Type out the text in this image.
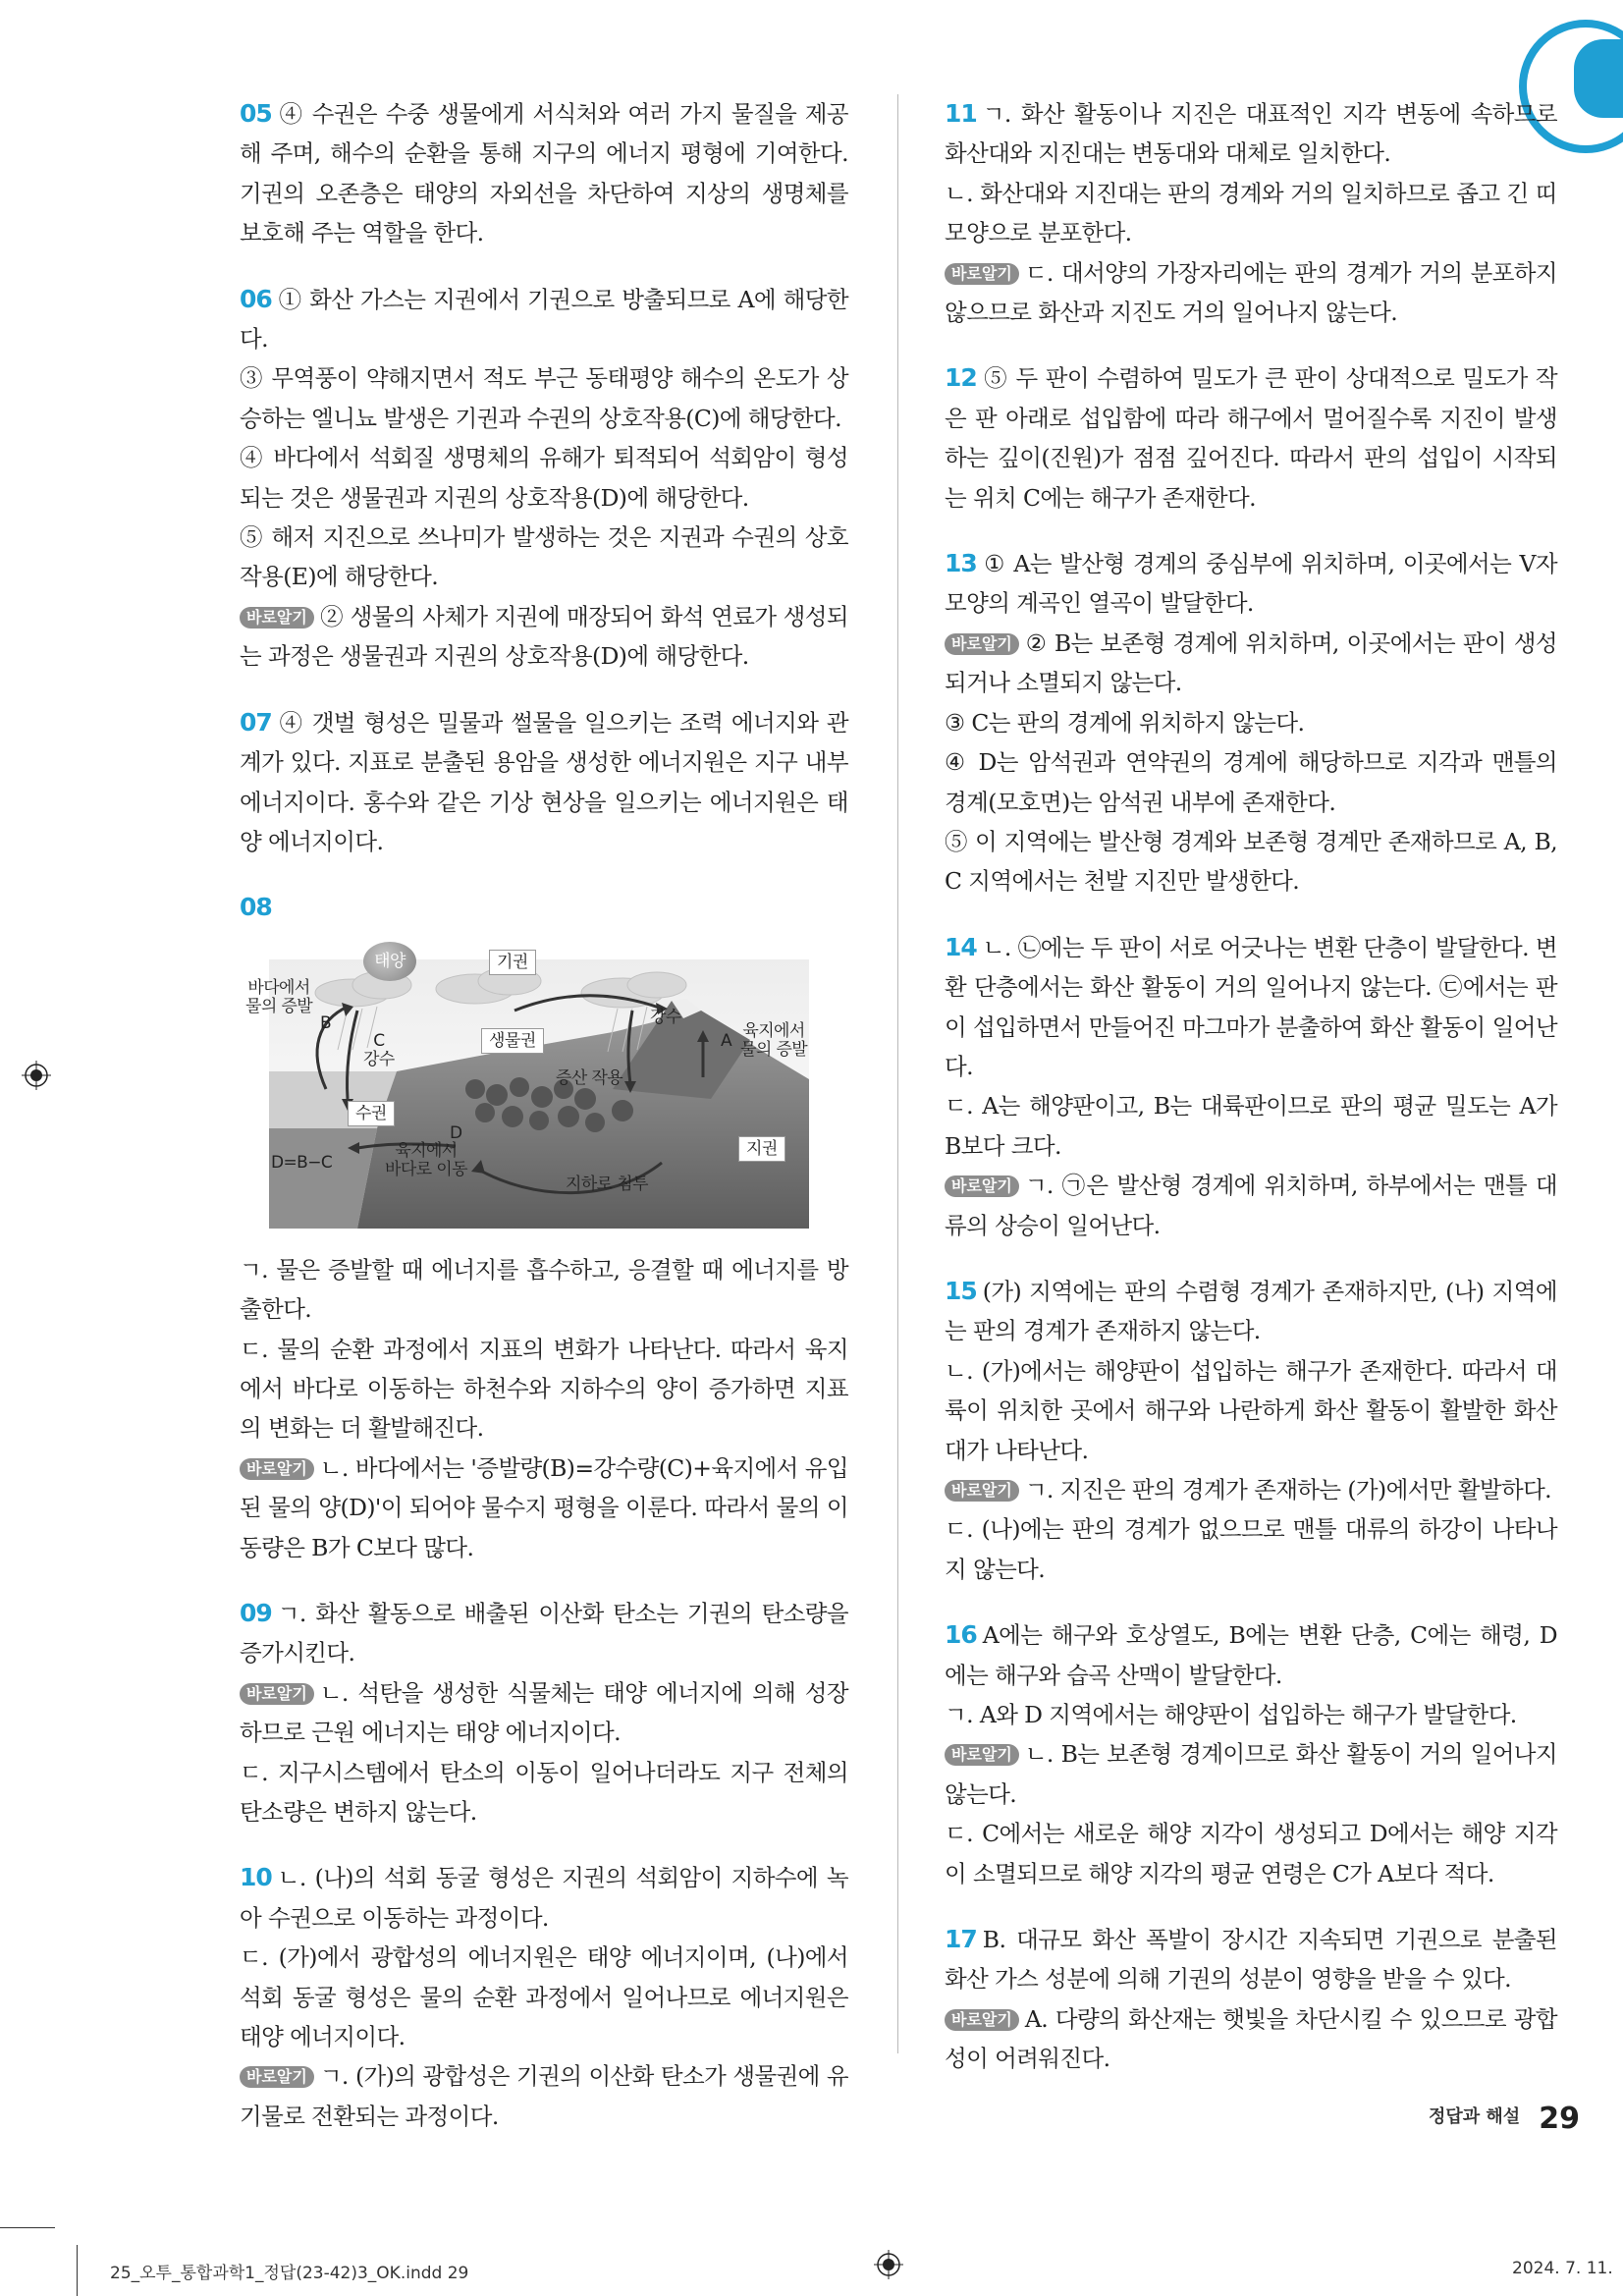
05 ④ 수권은 수중 생물에게 서식처와 여러 가지 물질을 제공해 주며, 해수의 순환을 통해 지구의 에너지 평형에 기여한다. 기권의 오존층은 태양의 자외선을 차단하여 지상의 생명체를 보호해 주는 역할을 한다.

06 ① 화산 가스는 지권에서 기권으로 방출되므로 A에 해당한다.

③ 무역풍이 약해지면서 적도 부근 동태평양 해수의 온도가 상승하는 엘니뇨 발생은 기권과 수권의 상호작용(C)에 해당한다.

④ 바다에서 석회질 생명체의 유해가 퇴적되어 석회암이 형성되는 것은 생물권과 지권의 상호작용(D)에 해당한다.

⑤ 해저 지진으로 쓰나미가 발생하는 것은 지권과 수권의 상호작용(E)에 해당한다.

바로알기 ② 생물의 사체가 지권에 매장되어 화석 연료가 생성되는 과정은 생물권과 지권의 상호작용(D)에 해당한다.

07 ④ 갯벌 형성은 밀물과 썰물을 일으키는 조력 에너지와 관계가 있다. 지표로 분출된 용암을 생성한 에너지원은 지구 내부 에너지이다. 홍수와 같은 기상 현상을 일으키는 에너지원은 태양 에너지이다.

08

태양	기권
바다에서
물의 증발
B
C
강수
생물권
강수
A 육지에서
물의 증발
증산 작용
수권
D
육지에서
바다로 이동
지권
지하로 침투
D=B−C

ㄱ. 물은 증발할 때 에너지를 흡수하고, 응결할 때 에너지를 방출한다.

ㄷ. 물의 순환 과정에서 지표의 변화가 나타난다. 따라서 육지에서 바다로 이동하는 하천수와 지하수의 양이 증가하면 지표의 변화는 더 활발해진다.

바로알기 ㄴ. 바다에서는 '증발량(B)=강수량(C)+육지에서 유입된 물의 양(D)'이 되어야 물수지 평형을 이룬다. 따라서 물의 이동량은 B가 C보다 많다.

09 ㄱ. 화산 활동으로 배출된 이산화 탄소는 기권의 탄소량을 증가시킨다.

바로알기 ㄴ. 석탄을 생성한 식물체는 태양 에너지에 의해 성장하므로 근원 에너지는 태양 에너지이다.

ㄷ. 지구시스템에서 탄소의 이동이 일어나더라도 지구 전체의 탄소량은 변하지 않는다.

10 ㄴ. (나)의 석회 동굴 형성은 지권의 석회암이 지하수에 녹아 수권으로 이동하는 과정이다.

ㄷ. (가)에서 광합성의 에너지원은 태양 에너지이며, (나)에서 석회 동굴 형성은 물의 순환 과정에서 일어나므로 에너지원은 태양 에너지이다.

바로알기 ㄱ. (가)의 광합성은 기권의 이산화 탄소가 생물권에 유기물로 전환되는 과정이다.

11 ㄱ. 화산 활동이나 지진은 대표적인 지각 변동에 속하므로 화산대와 지진대는 변동대와 대체로 일치한다.

ㄴ. 화산대와 지진대는 판의 경계와 거의 일치하므로 좁고 긴 띠 모양으로 분포한다.

바로알기 ㄷ. 대서양의 가장자리에는 판의 경계가 거의 분포하지 않으므로 화산과 지진도 거의 일어나지 않는다.

12 ⑤ 두 판이 수렴하여 밀도가 큰 판이 상대적으로 밀도가 작은 판 아래로 섭입함에 따라 해구에서 멀어질수록 지진이 발생하는 깊이(진원)가 점점 깊어진다. 따라서 판의 섭입이 시작되는 위치 C에는 해구가 존재한다.

13 ① A는 발산형 경계의 중심부에 위치하며, 이곳에서는 V자 모양의 계곡인 열곡이 발달한다.

바로알기 ② B는 보존형 경계에 위치하며, 이곳에서는 판이 생성되거나 소멸되지 않는다.

③ C는 판의 경계에 위치하지 않는다.

④ D는 암석권과 연약권의 경계에 해당하므로 지각과 맨틀의 경계(모호면)는 암석권 내부에 존재한다.

⑤ 이 지역에는 발산형 경계와 보존형 경계만 존재하므로 A, B, C 지역에서는 천발 지진만 발생한다.

14 ㄴ. ㉡에는 두 판이 서로 어긋나는 변환 단층이 발달한다. 변환 단층에서는 화산 활동이 거의 일어나지 않는다. ㉢에서는 판이 섭입하면서 만들어진 마그마가 분출하여 화산 활동이 일어난다.

ㄷ. A는 해양판이고, B는 대륙판이므로 판의 평균 밀도는 A가 B보다 크다.

바로알기 ㄱ. ㉠은 발산형 경계에 위치하며, 하부에서는 맨틀 대류의 상승이 일어난다.

15 (가) 지역에는 판의 수렴형 경계가 존재하지만, (나) 지역에는 판의 경계가 존재하지 않는다.

ㄴ. (가)에서는 해양판이 섭입하는 해구가 존재한다. 따라서 대륙이 위치한 곳에서 해구와 나란하게 화산 활동이 활발한 화산대가 나타난다.

바로알기 ㄱ. 지진은 판의 경계가 존재하는 (가)에서만 활발하다.

ㄷ. (나)에는 판의 경계가 없으므로 맨틀 대류의 하강이 나타나지 않는다.

16 A에는 해구와 호상열도, B에는 변환 단층, C에는 해령, D에는 해구와 습곡 산맥이 발달한다.

ㄱ. A와 D 지역에서는 해양판이 섭입하는 해구가 발달한다.

바로알기 ㄴ. B는 보존형 경계이므로 화산 활동이 거의 일어나지 않는다.

ㄷ. C에서는 새로운 해양 지각이 생성되고 D에서는 해양 지각이 소멸되므로 해양 지각의 평균 연령은 C가 A보다 적다.

17 B. 대규모 화산 폭발이 장시간 지속되면 기권으로 분출된 화산 가스 성분에 의해 기권의 성분이 영향을 받을 수 있다.

바로알기 A. 다량의 화산재는 햇빛을 차단시킬 수 있으므로 광합성이 어려워진다.

정답과 해설 29
25_오투_통합과학1_정답(23-42)3_OK.indd 29	2024. 7. 11.
